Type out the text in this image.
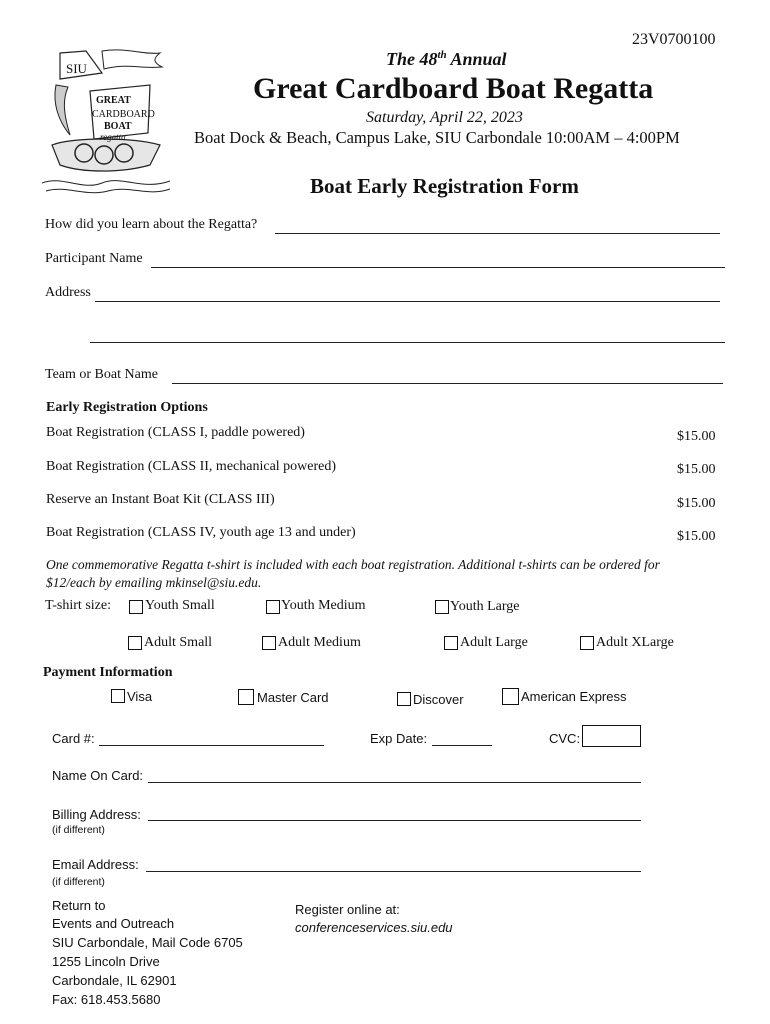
23V0700100
SIU
GREAT
CARDBOARD
BOAT
regatta
The 48th Annual
Great Cardboard Boat Regatta
Saturday, April 22, 2023
Boat Dock & Beach, Campus Lake, SIU Carbondale 10:00AM – 4:00PM
Boat Early Registration Form
How did you learn about the Regatta?
Participant Name
Address
Team or Boat Name
Early Registration Options
Boat Registration (CLASS I, paddle powered)	$15.00
Boat Registration (CLASS II, mechanical powered)	$15.00
Reserve an Instant Boat Kit (CLASS III)	$15.00
Boat Registration (CLASS IV, youth age 13 and under)	$15.00
One commemorative Regatta t-shirt is included with each boat registration. Additional t-shirts can be ordered for
$12/each by emailing mkinsel@siu.edu.
T-shirt size: Youth Small	Youth Medium	Youth Large
Adult Small	Adult Medium	Adult Large	Adult XLarge
Payment Information
Visa	Master Card	Discover	American Express
Card #:	Exp Date:	CVC:
Name On Card:
Billing Address:
(if different)
Email Address:
(if different)
Return to
Events and Outreach
SIU Carbondale, Mail Code 6705
1255 Lincoln Drive
Carbondale, IL 62901
Fax: 618.453.5680
Register online at:
conferenceservices.siu.edu
